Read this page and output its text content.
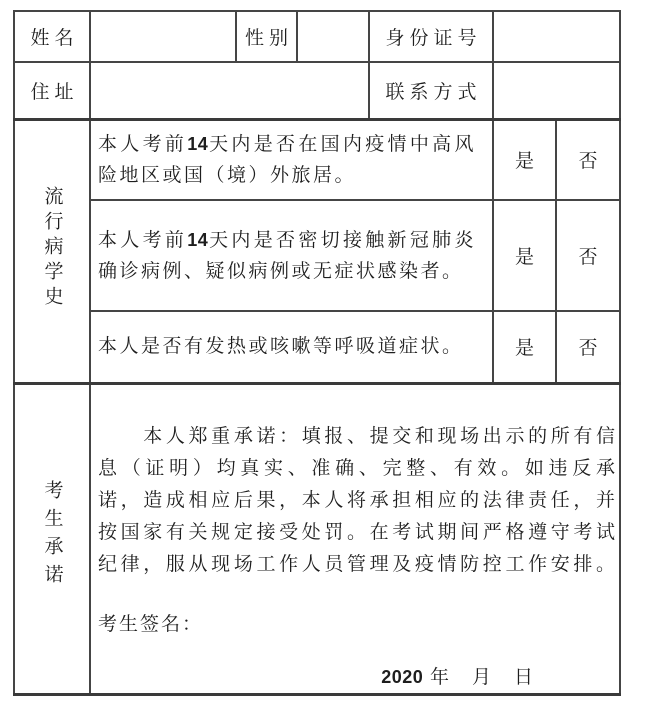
姓名		性别		身份证号		
住址				联系方式		
流行病学史	本人考前14天内是否在国内疫情中高风险地区或国（境）外旅居。				是	否

	本人考前14天内是否密切接触新冠肺炎确诊病例、疑似病例或无症状感染者。				是	否

	本人是否有发热或咳嗽等呼吸道症状。				是	否
考生承诺	
　　本人郑重承诺：填报、提交和现场出示的所有信
息（证明）均真实、准确、完整、有效。如违反承
诺，造成相应后果，本人将承担相应的法律责任，并
按国家有关规定接受处罚。在考试期间严格遵守考试
纪律，服从现场工作人员管理及疫情防控工作安排。
考生签名：
2020 年　月　日
